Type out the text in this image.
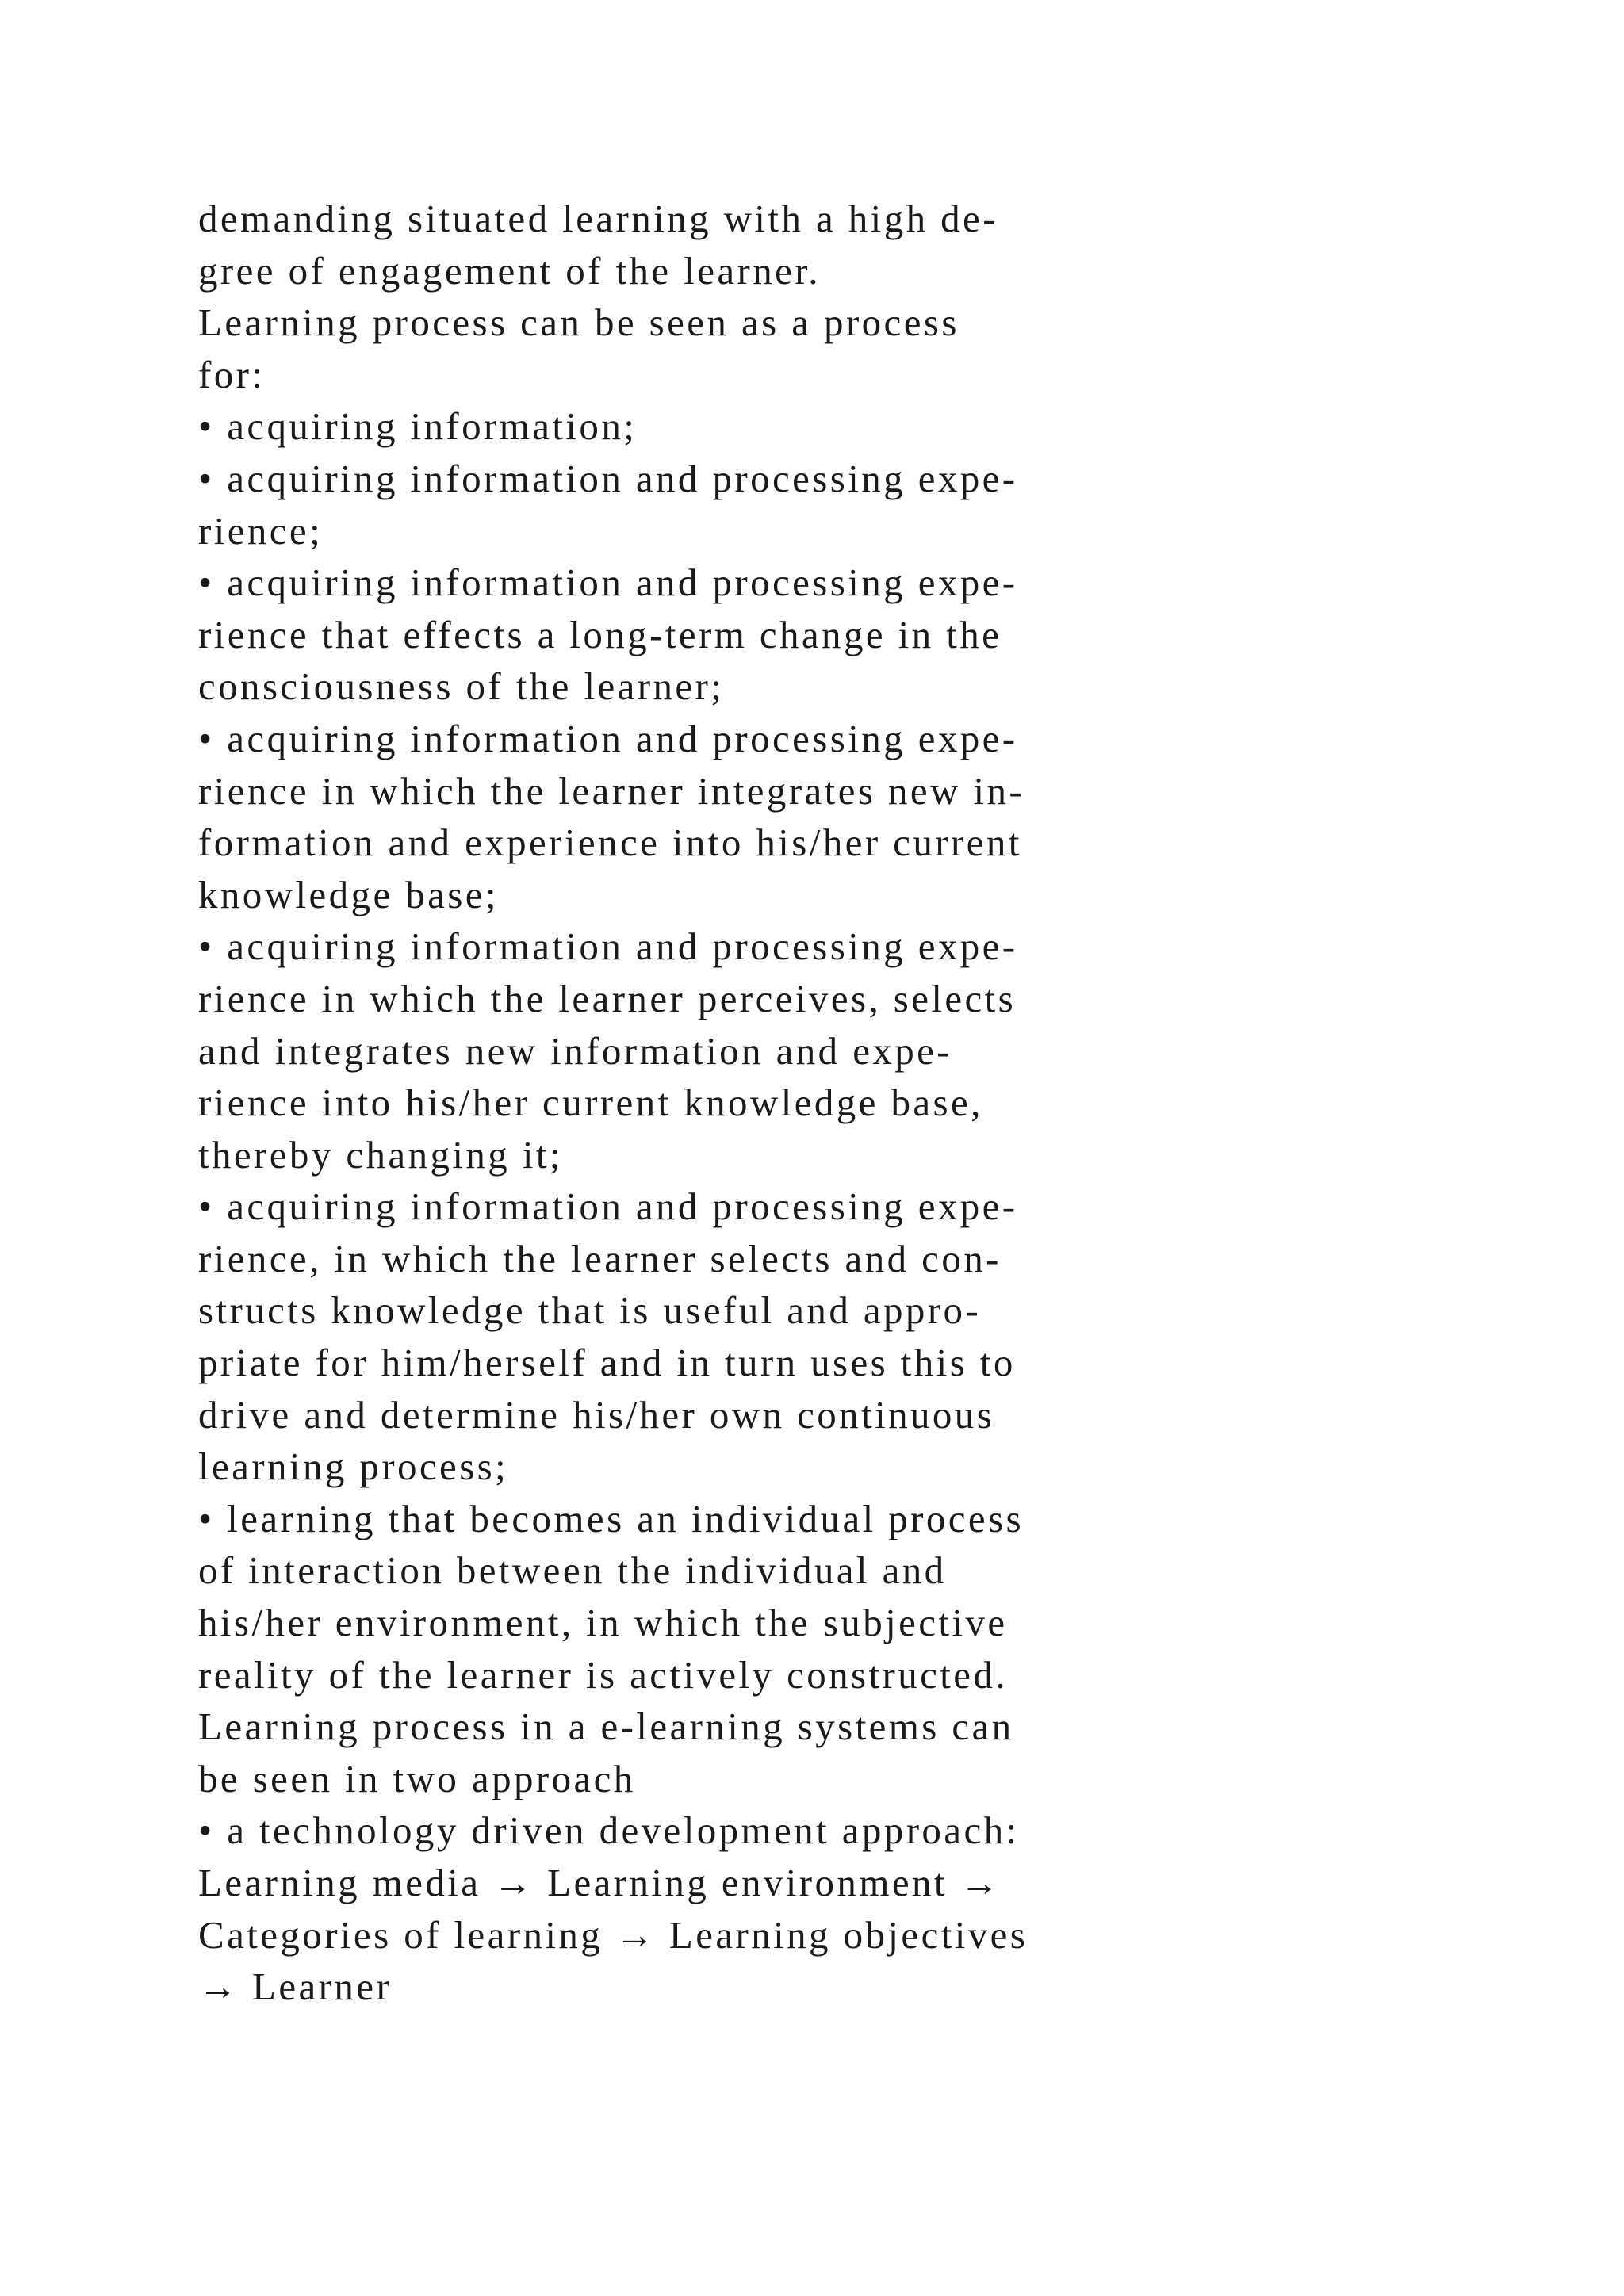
demanding situated learning with a high de-
gree of engagement of the learner.
Learning process can be seen as a process
for:
• acquiring information;
• acquiring information and processing expe-
rience;
• acquiring information and processing expe-
rience that effects a long-term change in the
consciousness of the learner;
• acquiring information and processing expe-
rience in which the learner integrates new in-
formation and experience into his/her current
knowledge base;
• acquiring information and processing expe-
rience in which the learner perceives, selects
and integrates new information and expe-
rience into his/her current knowledge base,
thereby changing it;
• acquiring information and processing expe-
rience, in which the learner selects and con-
structs knowledge that is useful and appro-
priate for him/herself and in turn uses this to
drive and determine his/her own continuous
learning process;
• learning that becomes an individual process
of interaction between the individual and
his/her environment, in which the subjective
reality of the learner is actively constructed.
Learning process in a e-learning systems can
be seen in two approach
• a technology driven development approach:
Learning media → Learning environment →
Categories of learning → Learning objectives
→ Learner
